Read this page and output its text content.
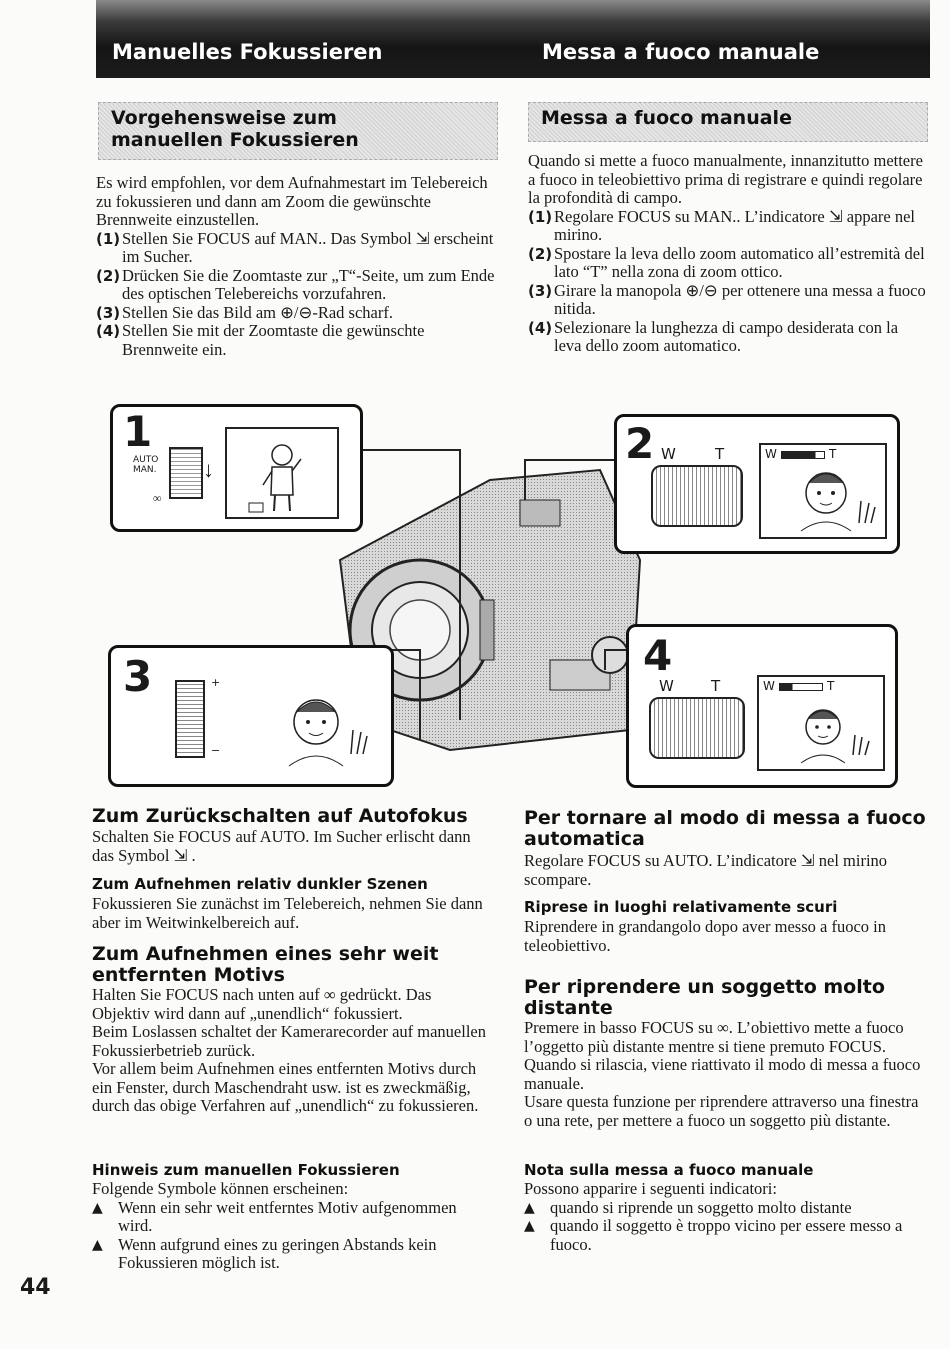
Manuelles Fokussieren	Messa a fuoco manuale
Vorgehensweise zum
manuellen Fokussieren
Messa a fuoco manuale

Es wird empfohlen, vor dem Aufnahmestart im Telebereich zu fokussieren und dann am Zoom die gewünschte Brennweite einzustellen.

(1) Stellen Sie FOCUS auf MAN.. Das Symbol ⇲ erscheint im Sucher.
(2) Drücken Sie die Zoomtaste zur „T“-Seite, um zum Ende des optischen Telebereichs vorzufahren.
(3) Stellen Sie das Bild am ⊕/⊖-Rad scharf.
(4) Stellen Sie mit der Zoomtaste die gewünschte Brennweite ein.

Quando si mette a fuoco manualmente, innanzitutto mettere a fuoco in teleobiettivo prima di registrare e quindi regolare la profondità di campo.

(1) Regolare FOCUS su MAN.. L’indicatore ⇲ appare nel mirino.
(2) Spostare la leva dello zoom automatico all’estremità del lato “T” nella zona di zoom ottico.
(3) Girare la manopola ⊕/⊖ per ottenere una messa a fuoco nitida.
(4) Selezionare la lunghezza di campo desiderata con la leva dello zoom automatico.
1
AUTO
MAN.
∞
↓
2 W	T	W	T
3	+
−
4
W T	W	T
Zum Zurückschalten auf Autofokus
Schalten Sie FOCUS auf AUTO. Im Sucher erlischt dann das Symbol ⇲ .
Zum Aufnehmen relativ dunkler Szenen
Fokussieren Sie zunächst im Telebereich, nehmen Sie dann aber im Weitwinkelbereich auf.
Zum Aufnehmen eines sehr weit entfernten Motivs

Halten Sie FOCUS nach unten auf ∞ gedrückt. Das Objektiv wird dann auf „unendlich“ fokussiert.

Beim Loslassen schaltet der Kamerarecorder auf manuellen Fokussierbetrieb zurück.

Vor allem beim Aufnehmen eines entfernten Motivs durch ein Fenster, durch Maschendraht usw. ist es zweckmäßig, durch das obige Verfahren auf „unendlich“ zu fokussieren.

Hinweis zum manuellen Fokussieren

Folgende Symbole können erscheinen:

▲ Wenn ein sehr weit entferntes Motiv aufgenommen wird.
▲ Wenn aufgrund eines zu geringen Abstands kein Fokussieren möglich ist.
Per tornare al modo di messa a fuoco automatica
Regolare FOCUS su AUTO. L’indicatore ⇲ nel mirino scompare.
Riprese in luoghi relativamente scuri
Riprendere in grandangolo dopo aver messo a fuoco in teleobiettivo.
Per riprendere un soggetto molto distante

Premere in basso FOCUS su ∞. L’obiettivo mette a fuoco l’oggetto più distante mentre si tiene premuto FOCUS. Quando si rilascia, viene riattivato il modo di messa a fuoco manuale.

Usare questa funzione per riprendere attraverso una finestra o una rete, per mettere a fuoco un soggetto più distante.

Nota sulla messa a fuoco manuale

Possono apparire i seguenti indicatori:

▲ quando si riprende un soggetto molto distante
▲ quando il soggetto è troppo vicino per essere messo a fuoco.
44
